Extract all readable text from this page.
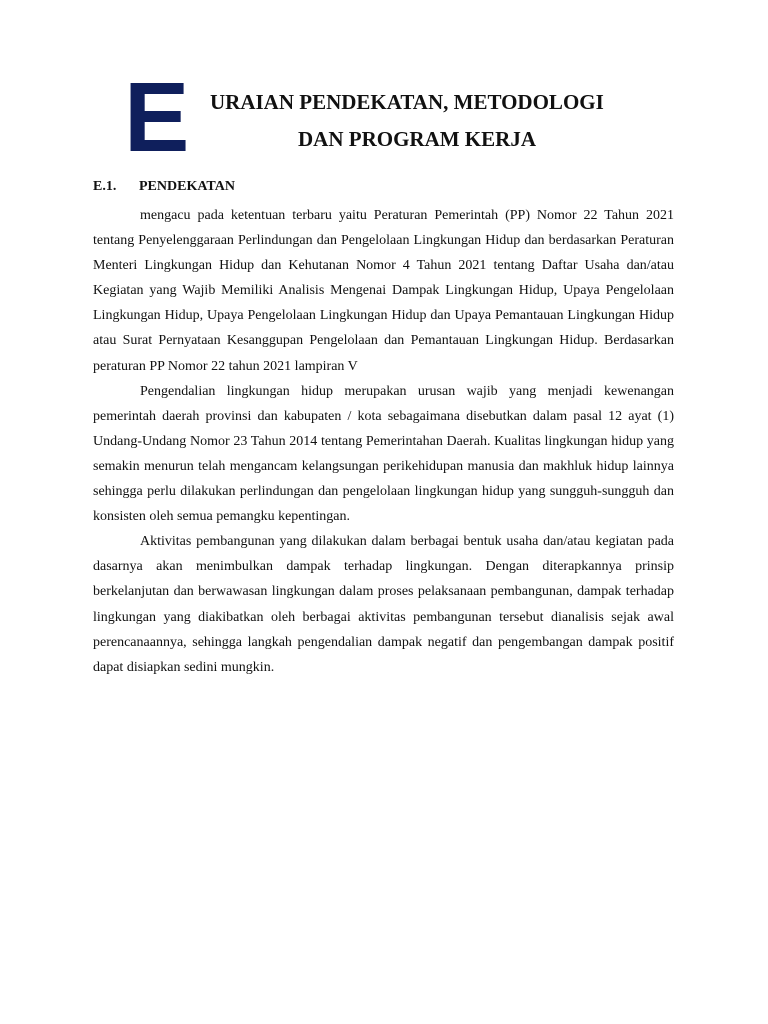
E URAIAN PENDEKATAN, METODOLOGI
DAN PROGRAM KERJA
E.1.	PENDEKATAN

mengacu pada ketentuan terbaru yaitu Peraturan Pemerintah (PP) Nomor 22 Tahun 2021 tentang Penyelenggaraan Perlindungan dan Pengelolaan Lingkungan Hidup dan berdasarkan Peraturan Menteri Lingkungan Hidup dan Kehutanan Nomor 4 Tahun 2021 tentang Daftar Usaha dan/atau Kegiatan yang Wajib Memiliki Analisis Mengenai Dampak Lingkungan Hidup, Upaya Pengelolaan Lingkungan Hidup, Upaya Pengelolaan Lingkungan Hidup dan Upaya Pemantauan Lingkungan Hidup atau Surat Pernyataan Kesanggupan Pengelolaan dan Pemantauan Lingkungan Hidup. Berdasarkan peraturan PP Nomor 22 tahun 2021 lampiran V

Pengendalian lingkungan hidup merupakan urusan wajib yang menjadi kewenangan pemerintah daerah provinsi dan kabupaten / kota sebagaimana disebutkan dalam pasal 12 ayat (1) Undang-Undang Nomor 23 Tahun 2014 tentang Pemerintahan Daerah. Kualitas lingkungan hidup yang semakin menurun telah mengancam kelangsungan perikehidupan manusia dan makhluk hidup lainnya sehingga perlu dilakukan perlindungan dan pengelolaan lingkungan hidup yang sungguh-sungguh dan konsisten oleh semua pemangku kepentingan.

Aktivitas pembangunan yang dilakukan dalam berbagai bentuk usaha dan/atau kegiatan pada dasarnya akan menimbulkan dampak terhadap lingkungan. Dengan diterapkannya prinsip berkelanjutan dan berwawasan lingkungan dalam proses pelaksanaan pembangunan, dampak terhadap lingkungan yang diakibatkan oleh berbagai aktivitas pembangunan tersebut dianalisis sejak awal perencanaannya, sehingga langkah pengendalian dampak negatif dan pengembangan dampak positif dapat disiapkan sedini mungkin.
